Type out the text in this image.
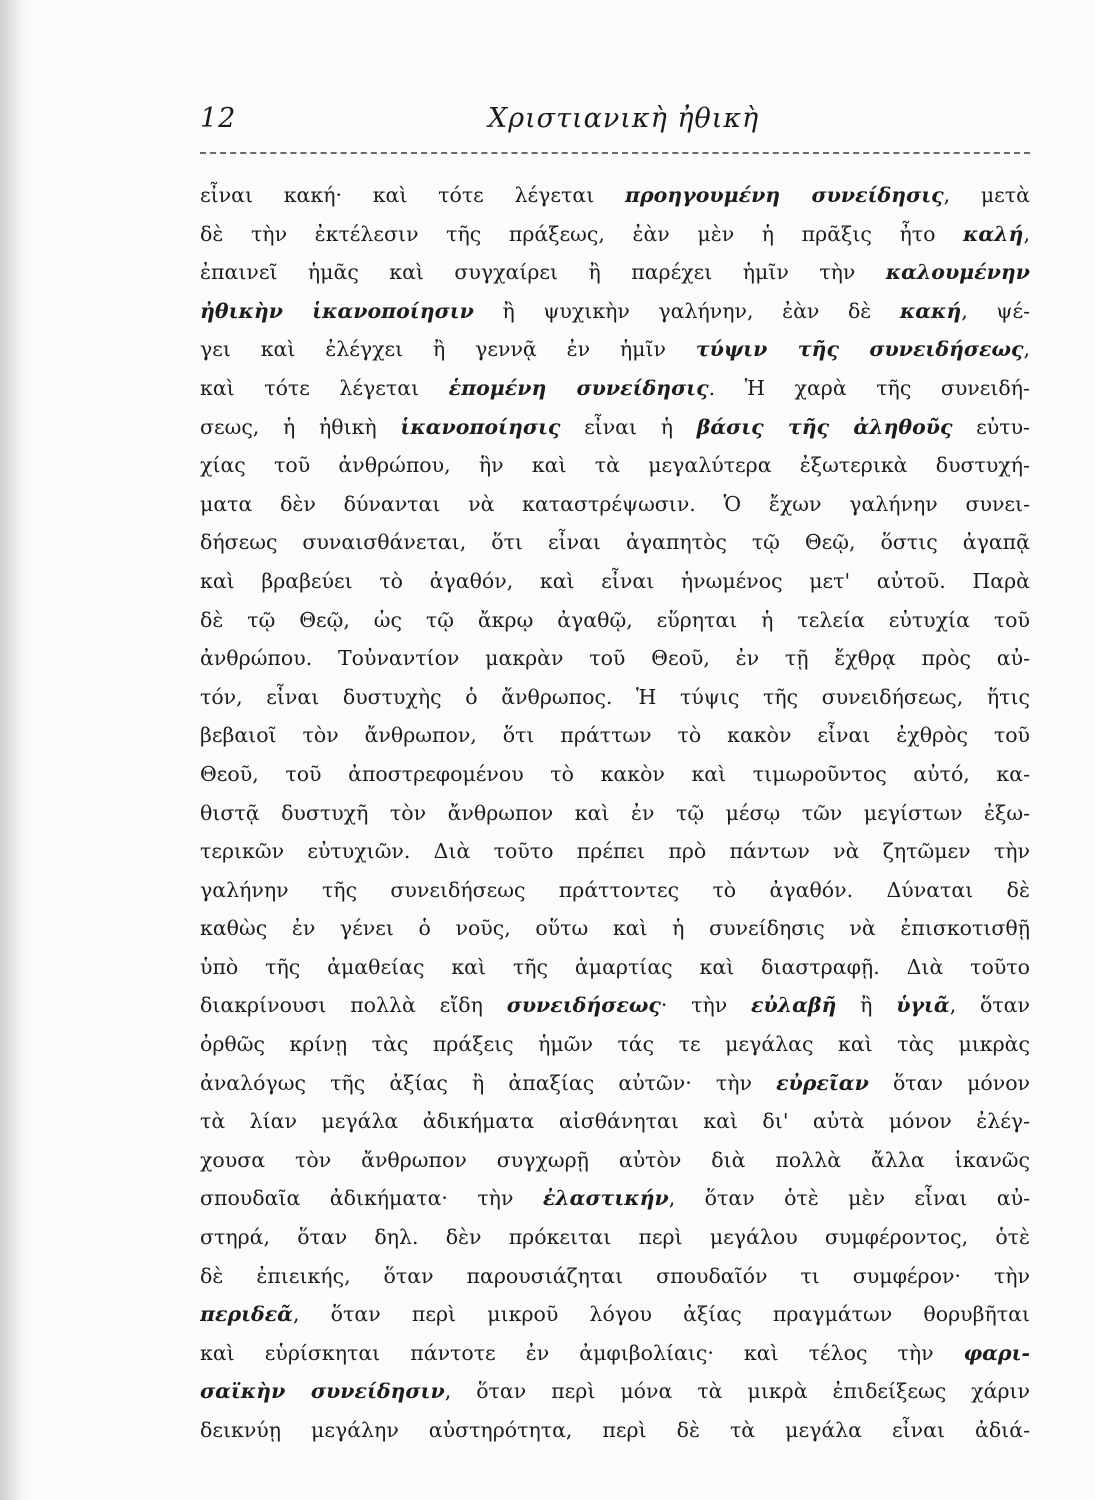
12	Χριστιανικὴ ἠθικὴ
εἶναι κακή· καὶ τότε λέγεται προηγουμένη συνείδησις, μετὰ
δὲ τὴν ἐκτέλεσιν τῆς πράξεως, ἐὰν μὲν ἡ πρᾶξις ἦτο καλή,
ἐπαινεῖ ἡμᾶς καὶ συγχαίρει ἢ παρέχει ἡμῖν τὴν καλουμένην
ἠθικὴν ἱκανοποίησιν ἢ ψυχικὴν γαλήνην, ἐὰν δὲ κακή, ψέ-
γει καὶ ἐλέγχει ἢ γεννᾷ ἐν ἡμῖν τύψιν τῆς συνειδήσεως,
καὶ τότε λέγεται ἑπομένη συνείδησις. Ἡ χαρὰ τῆς συνειδή-
σεως, ἡ ἠθικὴ ἱκανοποίησις εἶναι ἡ βάσις τῆς ἀληθοῦς εὐτυ-
χίας τοῦ ἀνθρώπου, ἣν καὶ τὰ μεγαλύτερα ἐξωτερικὰ δυστυχή-
ματα δὲν δύνανται νὰ καταστρέψωσιν. Ὁ ἔχων γαλήνην συνει-
δήσεως συναισθάνεται, ὅτι εἶναι ἀγαπητὸς τῷ Θεῷ, ὅστις ἀγαπᾷ
καὶ βραβεύει τὸ ἀγαθόν, καὶ εἶναι ἡνωμένος μετ' αὐτοῦ. Παρὰ
δὲ τῷ Θεῷ, ὡς τῷ ἄκρῳ ἀγαθῷ, εὕρηται ἡ τελεία εὐτυχία τοῦ
ἀνθρώπου. Τοὐναντίον μακρὰν τοῦ Θεοῦ, ἐν τῇ ἔχθρᾳ πρὸς αὐ-
τόν, εἶναι δυστυχὴς ὁ ἄνθρωπος. Ἡ τύψις τῆς συνειδήσεως, ἥτις
βεβαιοῖ τὸν ἄνθρωπον, ὅτι πράττων τὸ κακὸν εἶναι ἐχθρὸς τοῦ
Θεοῦ, τοῦ ἀποστρεφομένου τὸ κακὸν καὶ τιμωροῦντος αὐτό, κα-
θιστᾷ δυστυχῆ τὸν ἄνθρωπον καὶ ἐν τῷ μέσῳ τῶν μεγίστων ἐξω-
τερικῶν εὐτυχιῶν. Διὰ τοῦτο πρέπει πρὸ πάντων νὰ ζητῶμεν τὴν
γαλήνην τῆς συνειδήσεως πράττοντες τὸ ἀγαθόν. Δύναται δὲ
καθὼς ἐν γένει ὁ νοῦς, οὕτω καὶ ἡ συνείδησις νὰ ἐπισκοτισθῇ
ὑπὸ τῆς ἀμαθείας καὶ τῆς ἁμαρτίας καὶ διαστραφῇ. Διὰ τοῦτο
διακρίνουσι πολλὰ εἴδη συνειδήσεως· τὴν εὐλαβῆ ἢ ὑγιᾶ, ὅταν
ὀρθῶς κρίνῃ τὰς πράξεις ἡμῶν τάς τε μεγάλας καὶ τὰς μικρὰς
ἀναλόγως τῆς ἀξίας ἢ ἀπαξίας αὐτῶν· τὴν εὐρεῖαν ὅταν μόνον
τὰ λίαν μεγάλα ἀδικήματα αἰσθάνηται καὶ δι' αὐτὰ μόνον ἐλέγ-
χουσα τὸν ἄνθρωπον συγχωρῇ αὐτὸν διὰ πολλὰ ἄλλα ἱκανῶς
σπουδαῖα ἀδικήματα· τὴν ἐλαστικήν, ὅταν ὁτὲ μὲν εἶναι αὐ-
στηρά, ὅταν δηλ. δὲν πρόκειται περὶ μεγάλου συμφέροντος, ὁτὲ
δὲ ἐπιεικής, ὅταν παρουσιάζηται σπουδαῖόν τι συμφέρον· τὴν
περιδεᾶ, ὅταν περὶ μικροῦ λόγου ἀξίας πραγμάτων θορυβῆται
καὶ εὑρίσκηται πάντοτε ἐν ἀμφιβολίαις· καὶ τέλος τὴν φαρι-
σαϊκὴν συνείδησιν, ὅταν περὶ μόνα τὰ μικρὰ ἐπιδείξεως χάριν
δεικνύῃ μεγάλην αὐστηρότητα, περὶ δὲ τὰ μεγάλα εἶναι ἀδιά-
